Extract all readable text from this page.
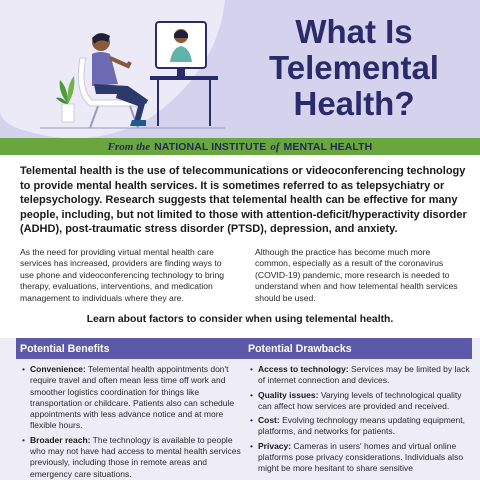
What Is
Telemental
Health?
From the NATIONAL INSTITUTE of MENTAL HEALTH

Telemental health is the use of telecommunications or videoconferencing technology to provide mental health services. It is sometimes referred to as telepsychiatry or telepsychology. Research suggests that telemental health can be effective for many people, including, but not limited to those with attention-deficit/hyperactivity disorder (ADHD), post-traumatic stress disorder (PTSD), depression, and anxiety.

As the need for providing virtual mental health care services has increased, providers are finding ways to use phone and videoconferencing technology to bring therapy, evaluations, interventions, and medication management to individuals where they are.

Although the practice has become much more common, especially as a result of the coronavirus (COVID-19) pandemic, more research is needed to understand when and how telemental health services should be used.

Learn about factors to consider when using telemental health.
Potential Benefits
• Convenience: Telemental health appointments don't require travel and often mean less time off work and smoother logistics coordination for things like transportation or childcare. Patients also can schedule appointments with less advance notice and at more flexible hours.
• Broader reach: The technology is available to people who may not have had access to mental health services previously, including those in remote areas and emergency care situations.
Potential Drawbacks
• Access to technology: Services may be limited by lack of internet connection and devices.
• Quality issues: Varying levels of technological quality can affect how services are provided and received.
• Cost: Evolving technology means updating equipment, platforms, and networks for patients.
• Privacy: Cameras in users' homes and virtual online platforms pose privacy considerations. Individuals also might be more hesitant to share sensitive
